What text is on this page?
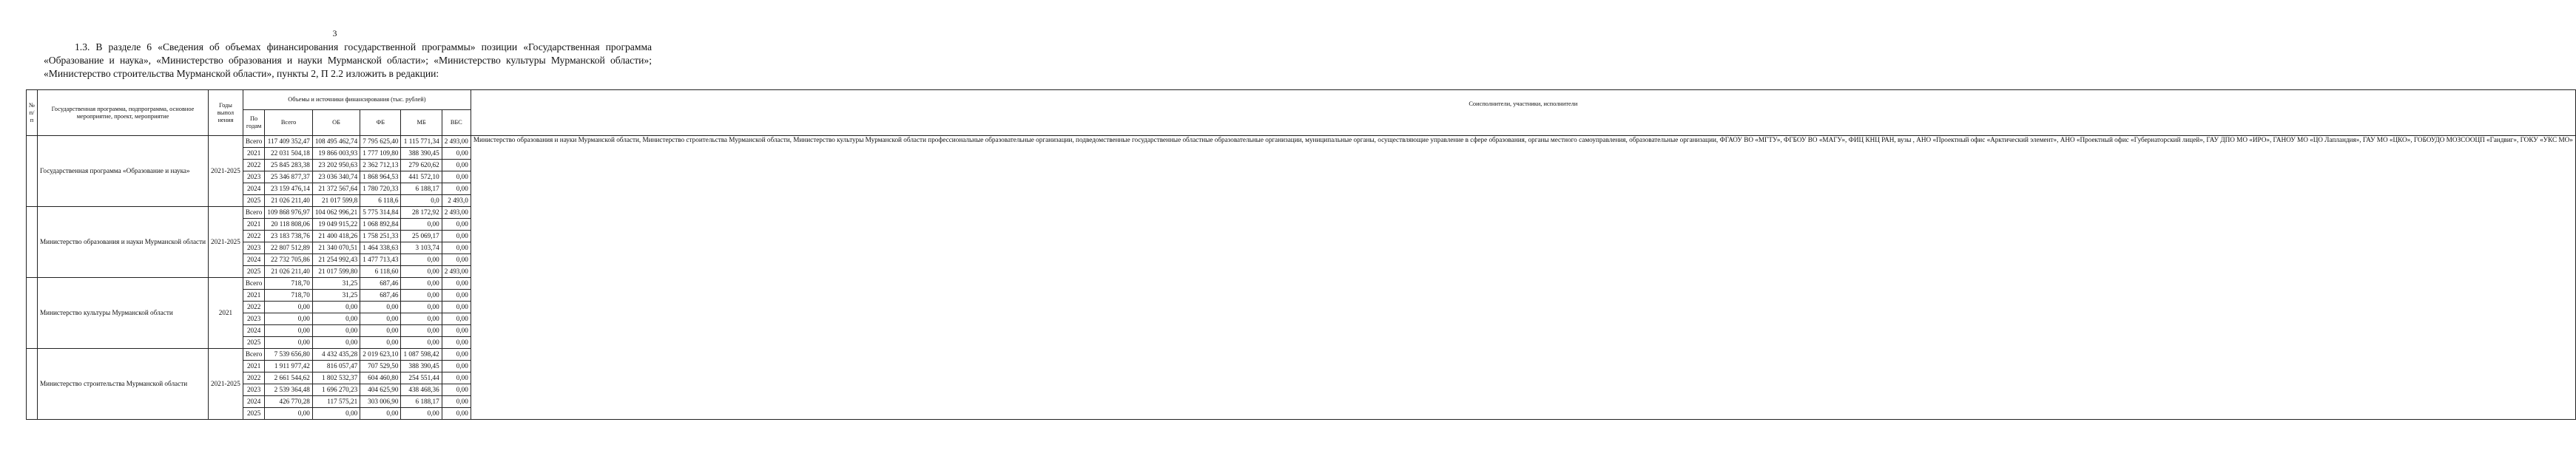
3
1.3. В разделе 6 «Сведения об объемах финансирования государственной программы» позиции «Государственная программа «Образование и наука», «Министерство образования и науки Мурманской области»; «Министерство культуры Мурманской области»; «Министерство строительства Мурманской области», пункты 2, П 2.2 изложить в редакции:
№ п/п	Государственная программа, подпрограмма, основное мероприятие, проект, мероприятие	Годы выпол нения	Объемы и источники финансирования (тыс. рублей)						Соисполнители, участники, исполнители
			По годам	Всего	ОБ	ФБ	МБ	ВБС	
	Государственная программа «Образование и наука»	2021-2025	Всего	117 409 352,47	108 495 462,74	7 795 625,40	1 115 771,34	2 493,00	Министерство образования и науки Мурманской области, Министерство строительства Мурманской области, Министерство культуры Мурманской области профессиональные образовательные организации, подведомственные государственные областные образовательные организации, муниципальные органы, осуществляющие управление в сфере образования, органы местного самоуправления, образовательные организации, ФГАОУ ВО «МГТУ», ФГБОУ ВО «МАГУ», ФИЦ КНЦ РАН, вузы , АНО «Проектный офис «Арктический элемент», АНО «Проектный офис «Губернаторский лицей», ГАУ ДПО МО «ИРО», ГАНОУ МО «ЦО Лапландия», ГАУ МО «ЦКО», ГОБОУДО МОЗСООЦП «Гандвиг», ГОКУ «УКС МО»
			2021	22 031 504,18	19 866 003,93	1 777 109,80	388 390,45	0,00	
			2022	25 845 283,38	23 202 950,63	2 362 712,13	279 620,62	0,00	
			2023	25 346 877,37	23 036 340,74	1 868 964,53	441 572,10	0,00	
			2024	23 159 476,14	21 372 567,64	1 780 720,33	6 188,17	0,00	
			2025	21 026 211,40	21 017 599,8	6 118,6	0,0	2 493,0	
	Министерство образования и науки Мурманской области	2021-2025	Всего	109 868 976,97	104 062 996,21	5 775 314,84	28 172,92	2 493,00	
			2021	20 118 808,06	19 049 915,22	1 068 892,84	0,00	0,00	
			2022	23 183 738,76	21 400 418,26	1 758 251,33	25 069,17	0,00	
			2023	22 807 512,89	21 340 070,51	1 464 338,63	3 103,74	0,00	
			2024	22 732 705,86	21 254 992,43	1 477 713,43	0,00	0,00	
			2025	21 026 211,40	21 017 599,80	6 118,60	0,00	2 493,00	
	Министерство культуры Мурманской области	2021	Всего	718,70	31,25	687,46	0,00	0,00	
			2021	718,70	31,25	687,46	0,00	0,00	
			2022	0,00	0,00	0,00	0,00	0,00	
			2023	0,00	0,00	0,00	0,00	0,00	
			2024	0,00	0,00	0,00	0,00	0,00	
			2025	0,00	0,00	0,00	0,00	0,00	
	Министерство строительства Мурманской области	2021-2025	Всего	7 539 656,80	4 432 435,28	2 019 623,10	1 087 598,42	0,00	
			2021	1 911 977,42	816 057,47	707 529,50	388 390,45	0,00	
			2022	2 661 544,62	1 802 532,37	604 460,80	254 551,44	0,00	
			2023	2 539 364,48	1 696 270,23	404 625,90	438 468,36	0,00	
			2024	426 770,28	117 575,21	303 006,90	6 188,17	0,00	
			2025	0,00	0,00	0,00	0,00	0,00	
